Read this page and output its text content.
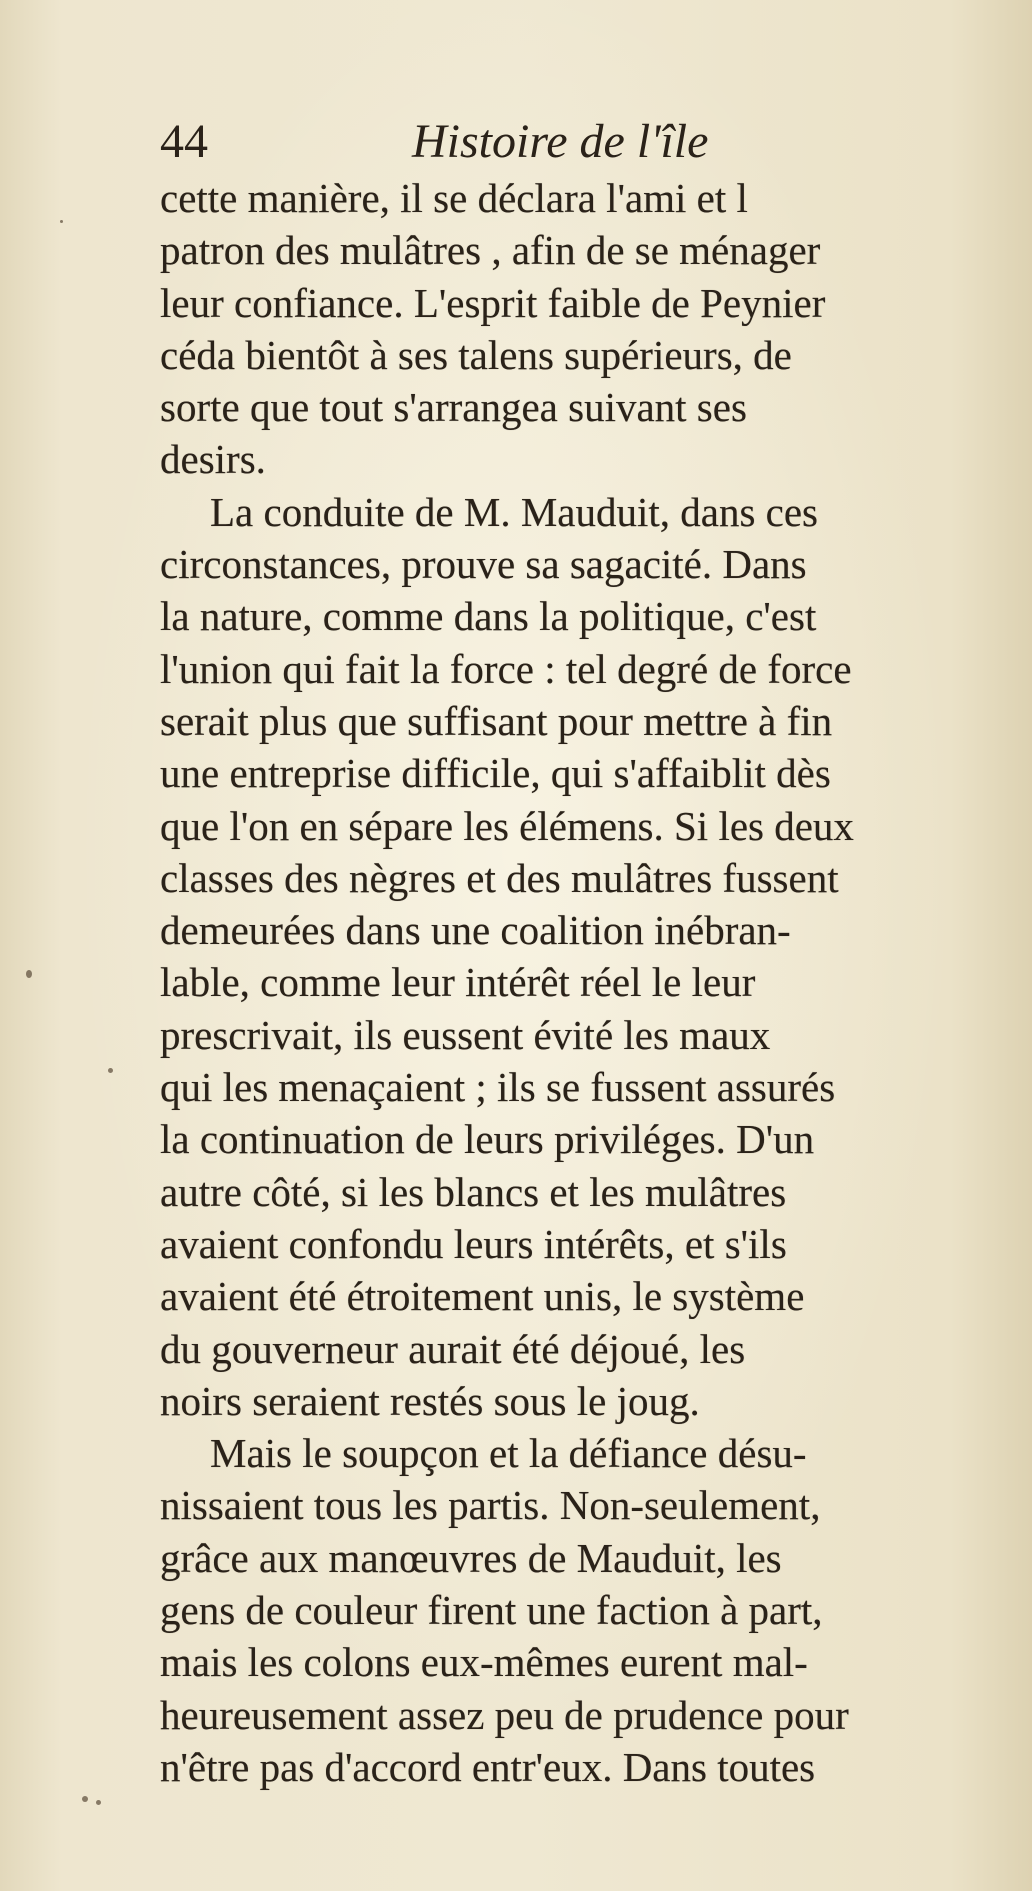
44	Histoire de l'île
cette manière, il se déclara l'ami et l
patron des mulâtres , afin de se ménager
leur confiance. L'esprit faible de Peynier
céda bientôt à ses talens supérieurs, de
sorte que tout s'arrangea suivant ses
desirs.
La conduite de M. Mauduit, dans ces
circonstances, prouve sa sagacité. Dans
la nature, comme dans la politique, c'est
l'union qui fait la force : tel degré de force
serait plus que suffisant pour mettre à fin
une entreprise difficile, qui s'affaiblit dès
que l'on en sépare les élémens. Si les deux
classes des nègres et des mulâtres fussent
demeurées dans une coalition inébran-
lable, comme leur intérêt réel le leur
prescrivait, ils eussent évité les maux
qui les menaçaient ; ils se fussent assurés
la continuation de leurs priviléges. D'un
autre côté, si les blancs et les mulâtres
avaient confondu leurs intérêts, et s'ils
avaient été étroitement unis, le système
du gouverneur aurait été déjoué, les
noirs seraient restés sous le joug.
Mais le soupçon et la défiance désu-
nissaient tous les partis. Non-seulement,
grâce aux manœuvres de Mauduit, les
gens de couleur firent une faction à part,
mais les colons eux-mêmes eurent mal-
heureusement assez peu de prudence pour
n'être pas d'accord entr'eux. Dans toutes
